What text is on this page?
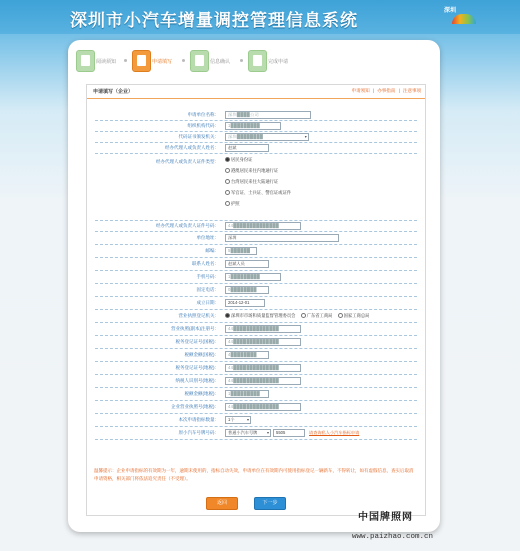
深圳市小汽车增量调控管理信息系统	深圳
阅读须知	申请填写	信息确认	完成申请
申请填写（企业）	申请须知 | 办事指南 | 注意事项
申请单位名称：	深圳████公司
组织机构代码：	1█████████
代码证书颁发机关：	深圳████████ ▾
经办代理人或负责人姓名：	赵斌
经办代理人或负责人证件类型：	居民身份证
港澳居民来往内地通行证
台湾居民来往大陆通行证
军官证、士兵证、警官证或证件
护照
经办代理人或负责人证件号码：	44██████████████
单位地址：	深圳
邮编：	5██████
联系人姓名：	赵斌人员
手机号码：	1█████████
固定电话：	0████████
成立日期：	2014-12-01
营业执照登记机关：	深圳市市场和质量监督管理委员会	广东省工商局	国家工商总局
营业执照(副本)注册号：	44██████████████
税务登记证号(国税)：	44██████████████
税额金额(国税)：	4████████
税务登记证号(地税)：	44██████████████
纳税人识别号(地税)：	44██████████████
税额金额(地税)：	1█████████
企业营业执照号(地税)：	44██████████████
本次申请指标数量：	1个 ▾
原小汽车号牌号码：	普通小汽车号牌 ▾	5505	请查询私人小汽车指标申请
温馨提示：企业申请指标的有效期为一年，逾期未使用的，指标自动失效，申请单位在有效期内可使用指标登记一辆新车，不得转让，如有虚假信息，查实后取消申请资格，相关部门将依法追究责任（不受理）。
返回	下一步
中国牌照网
www.paizhao.com.cn
